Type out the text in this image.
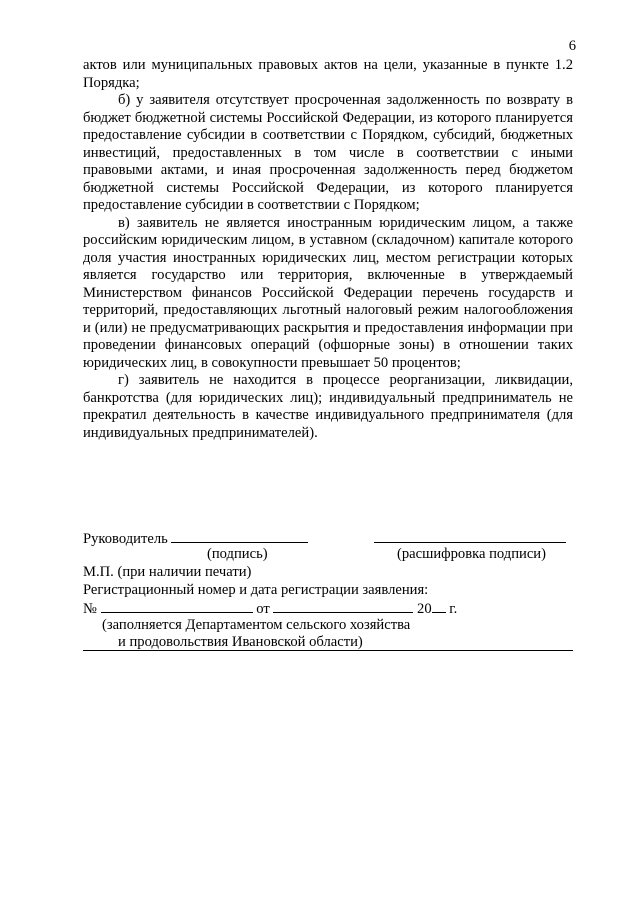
6

актов или муниципальных правовых актов на цели, указанные в пункте 1.2 Порядка;

б) у заявителя отсутствует просроченная задолженность по возврату в бюджет бюджетной системы Российской Федерации, из которого планируется предоставление субсидии в соответствии с Порядком, субсидий, бюджетных инвестиций, предоставленных в том числе в соответствии с иными правовыми актами, и иная просроченная задолженность перед бюджетом бюджетной системы Российской Федерации, из которого планируется предоставление субсидии в соответствии с Порядком;

в) заявитель не является иностранным юридическим лицом, а также российским юридическим лицом, в уставном (складочном) капитале которого доля участия иностранных юридических лиц, местом регистрации которых является государство или территория, включенные в утверждаемый Министерством финансов Российской Федерации перечень государств и территорий, предоставляющих льготный налоговый режим налогообложения и (или) не предусматривающих раскрытия и предоставления информации при проведении финансовых операций (офшорные зоны) в отношении таких юридических лиц, в совокупности превышает 50 процентов;

г) заявитель не находится в процессе реорганизации, ликвидации, банкротства (для юридических лиц); индивидуальный предприниматель не прекратил деятельность в качестве индивидуального предпринимателя (для индивидуальных предпринимателей).

Руководитель
(подпись)	(расшифровка подписи)
М.П. (при наличии печати)
Регистрационный номер и дата регистрации заявления:
№	от	20 г.
(заполняется Департаментом сельского хозяйства
и продовольствия Ивановской области)
